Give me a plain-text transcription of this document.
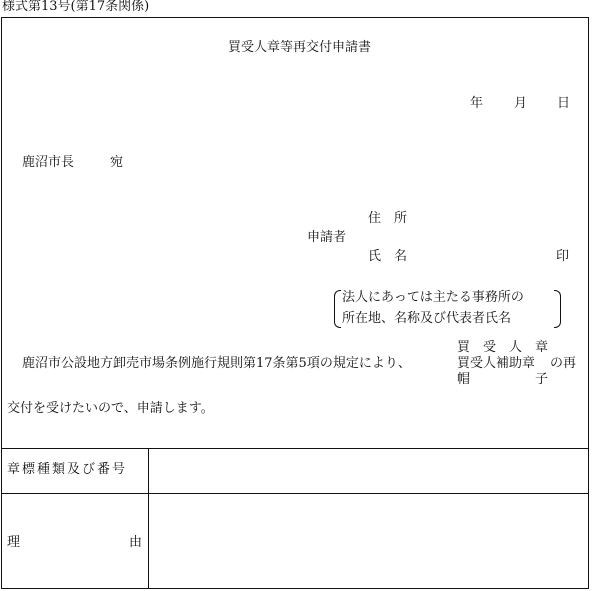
様式第13号(第17条関係)
買受人章等再交付申請書
年 月 日
鹿沼市長	宛
住　所
申請者
氏　名	印
法人にあっては主たる事務所の
所在地、名称及び代表者氏名
鹿沼市公設地方卸売市場条例施行規則第17条第5項の規定により、
買　受　人　章
買受人補助章
帽　　　　　子
の再
交付を受けたいので、申請します。
章標種類及び番号
理	由
